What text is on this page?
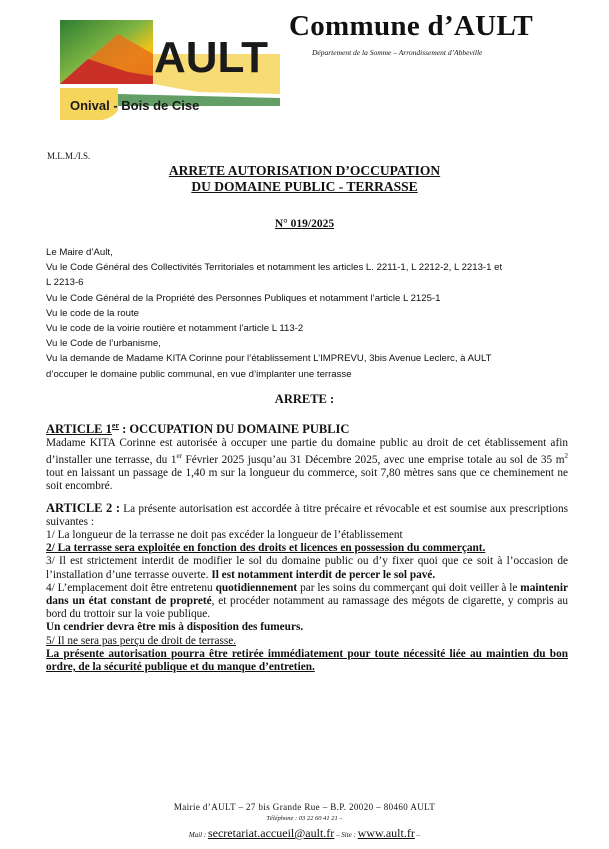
AULT
Onival - Bois de Cise
Commune d’AULT
Département de la Somme – Arrondissement d’Abbeville
M.L.M./I.S.
ARRETE AUTORISATION D’OCCUPATION
DU DOMAINE PUBLIC - TERRASSE
N° 019/2025
Le Maire d’Ault,
Vu le Code Général des Collectivités Territoriales et notamment les articles L. 2211-1, L 2212-2, L 2213-1 et
L 2213-6
Vu le Code Général de la Propriété des Personnes Publiques et notamment l’article L 2125-1
Vu le code de la route
Vu le code de la voirie routière et notamment l’article L 113-2
Vu le Code de l’urbanisme,
Vu la demande de Madame KITA Corinne pour l’établissement L’IMPREVU, 3bis Avenue Leclerc, à AULT
d’occuper le domaine public communal, en vue d’implanter une terrasse
ARRETE :

ARTICLE 1er : OCCUPATION DU DOMAINE PUBLIC

Madame KITA Corinne est autorisée à occuper une partie du domaine public au droit de cet établissement afin d’installer une terrasse, du 1er Février 2025 jusqu’au 31 Décembre 2025, avec une emprise totale au sol de 35 $m^2$ tout en laissant un passage de 1,40 m sur la longueur du commerce, soit 7,80 mètres sans que ce cheminement ne soit encombré.

ARTICLE 2 : La présente autorisation est accordée à titre précaire et révocable et est soumise aux prescriptions suivantes :

1/ La longueur de la terrasse ne doit pas excéder la longueur de l’établissement

2/ La terrasse sera exploitée en fonction des droits et licences en possession du commerçant.

3/ Il est strictement interdit de modifier le sol du domaine public ou d’y fixer quoi que ce soit à l’occasion de l’installation d’une terrasse ouverte. Il est notamment interdit de percer le sol pavé.

4/ L’emplacement doit être entretenu quotidiennement par les soins du commerçant qui doit veiller à le maintenir dans un état constant de propreté, et procéder notamment au ramassage des mégots de cigarette, y compris au bord du trottoir sur la voie publique.

Un cendrier devra être mis à disposition des fumeurs.

5/ Il ne sera pas perçu de droit de terrasse.

La présente autorisation pourra être retirée immédiatement pour toute nécessité liée au maintien du bon ordre, de la sécurité publique et du manque d’entretien.

Mairie d’AULT – 27 bis Grande Rue – B.P. 20020 – 80460 AULT
Téléphone : 03 22 60 41 21 –
Mail : secretariat.accueil@ault.fr – Site : www.ault.fr –
